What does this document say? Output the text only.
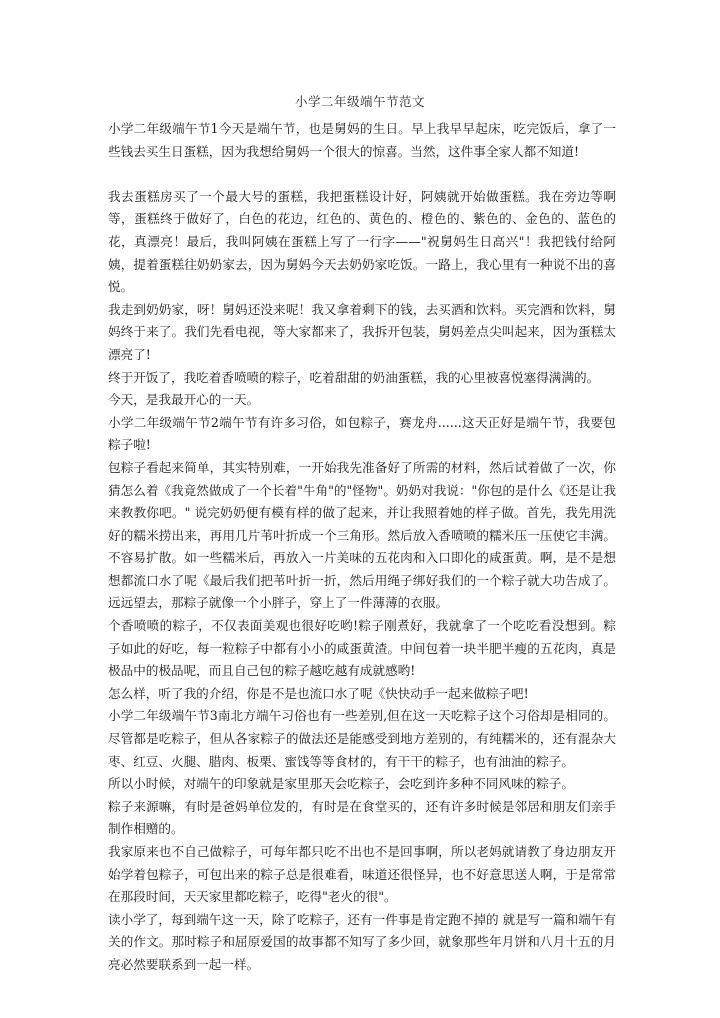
小学二年级端午节范文

小学二年级端午节1今天是端午节，也是舅妈的生日。早上我早早起床，吃完饭后，拿了一些钱去买生日蛋糕，因为我想给舅妈一个很大的惊喜。当然，这件事全家人都不知道!

我去蛋糕房买了一个最大号的蛋糕，我把蛋糕设计好，阿姨就开始做蛋糕。我在旁边等啊等，蛋糕终于做好了，白色的花边，红色的、黄色的、橙色的、紫色的、金色的、蓝色的花，真漂亮！最后，我叫阿姨在蛋糕上写了一行字——"祝舅妈生日高兴"！我把钱付给阿姨，提着蛋糕往奶奶家去，因为舅妈今天去奶奶家吃饭。一路上，我心里有一种说不出的喜悦。

我走到奶奶家，呀！舅妈还没来呢！我又拿着剩下的钱，去买酒和饮料。买完酒和饮料，舅妈终于来了。我们先看电视，等大家都来了，我拆开包装，舅妈差点尖叫起来，因为蛋糕太漂亮了!

终于开饭了，我吃着香喷喷的粽子，吃着甜甜的奶油蛋糕，我的心里被喜悦塞得满满的。

今天，是我最开心的一天。

小学二年级端午节2端午节有许多习俗，如包粽子，赛龙舟......这天正好是端午节，我要包粽子啦!

包粽子看起来简单，其实特别难，一开始我先准备好了所需的材料，然后试着做了一次，你猜怎么着《我竟然做成了一个长着"牛角"的"怪物"。奶奶对我说："你包的是什么《还是让我来教教你吧。" 说完奶奶便有模有样的做了起来，并让我照着她的样子做。首先，我先用洗好的糯米捞出来，再用几片苇叶折成一个三角形。然后放入香喷喷的糯米压一压使它丰满。不容易扩散。如一些糯米后，再放入一片美味的五花肉和入口即化的咸蛋黄。啊，是不是想想都流口水了呢《最后我们把苇叶折一折，然后用绳子绑好我们的一个粽子就大功告成了。远远望去，那粽子就像一个小胖子，穿上了一件薄薄的衣服。

个香喷喷的粽子，不仅表面美观也很好吃哟!粽子刚煮好，我就拿了一个吃吃看没想到。粽子如此的好吃，每一粒粽子中都有小小的咸蛋黄渣。中间包着一块半肥半瘦的五花肉，真是极品中的极品呢，而且自己包的粽子越吃越有成就感哟!

怎么样，听了我的介绍，你是不是也流口水了呢《快快动手一起来做粽子吧!

小学二年级端午节3南北方端午习俗也有一些差别,但在这一天吃粽子这个习俗却是相同的。尽管都是吃粽子，但从各家粽子的做法还是能感受到地方差别的，有纯糯米的，还有混杂大枣、红豆、火腿、腊肉、板栗、蜜饯等等食材的，有干干的粽子，也有油油的粽子。

所以小时候，对端午的印象就是家里那天会吃粽子，会吃到许多种不同风味的粽子。

粽子来源嘛，有时是爸妈单位发的，有时是在食堂买的，还有许多时候是邻居和朋友们亲手制作相赠的。

我家原来也不自己做粽子，可每年都只吃不出也不是回事啊，所以老妈就请教了身边朋友开始学着包粽子，可包出来的粽子总是很难看，味道还很怪异，也不好意思送人啊，于是常常在那段时间，天天家里都吃粽子，吃得"老火的很"。

读小学了，每到端午这一天，除了吃粽子，还有一件事是肯定跑不掉的 就是写一篇和端午有关的作文。那时粽子和屈原爱国的故事都不知写了多少回，就象那些年月饼和八月十五的月亮必然要联系到一起一样。
